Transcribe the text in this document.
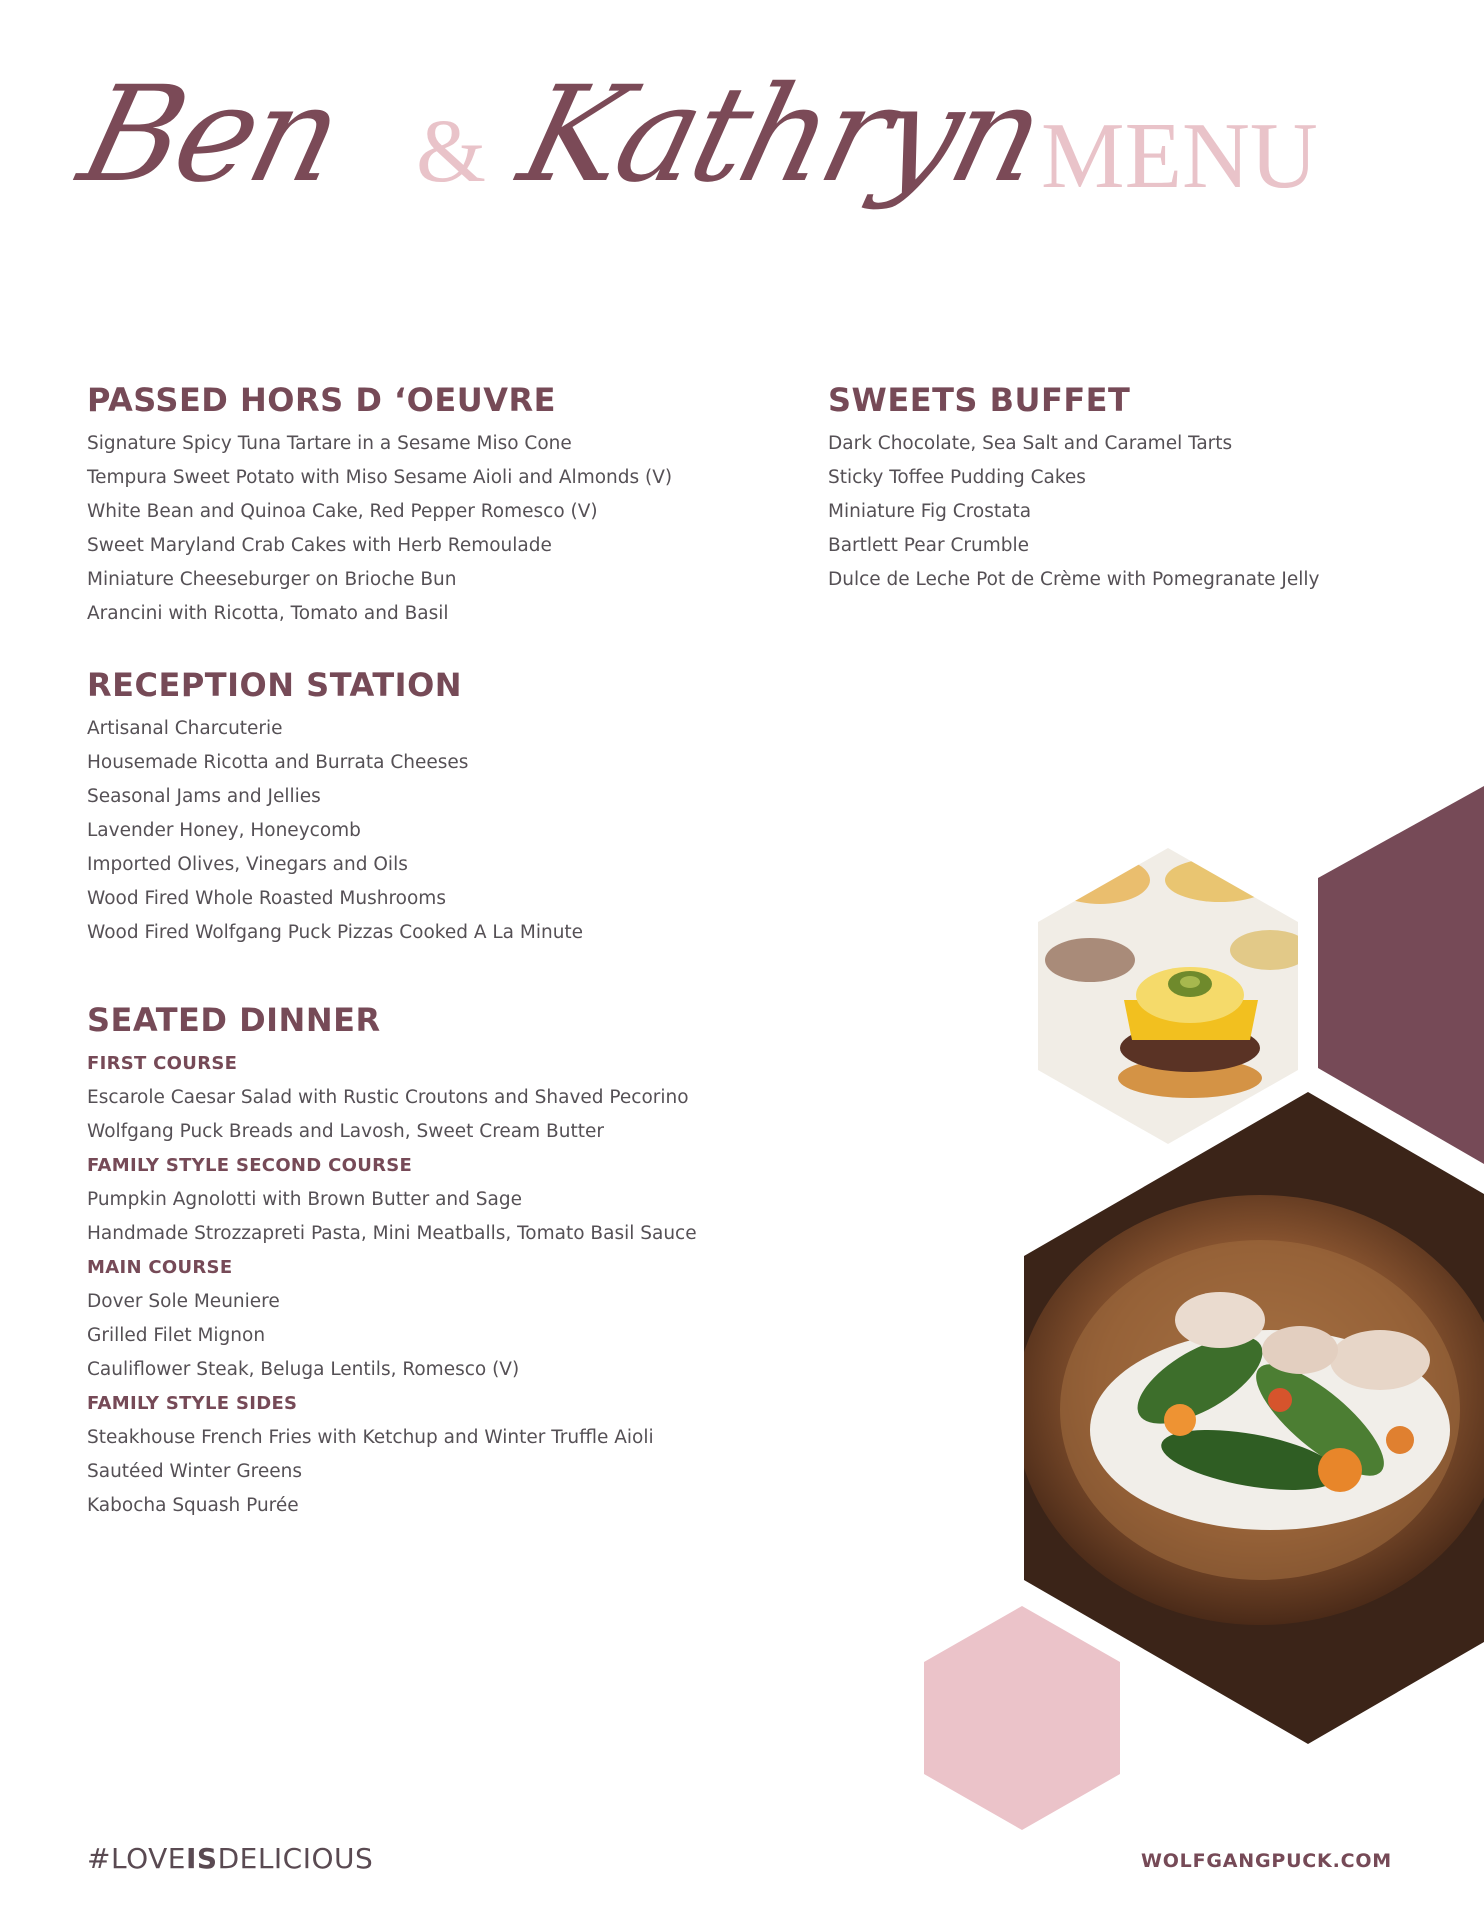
Ben & Kathryn
MENU
PASSED HORS D ‘OEUVRE
Signature Spicy Tuna Tartare in a Sesame Miso Cone
Tempura Sweet Potato with Miso Sesame Aioli and Almonds (V)
White Bean and Quinoa Cake, Red Pepper Romesco (V)
Sweet Maryland Crab Cakes with Herb Remoulade
Miniature Cheeseburger on Brioche Bun
Arancini with Ricotta, Tomato and Basil
RECEPTION STATION
Artisanal Charcuterie
Housemade Ricotta and Burrata Cheeses
Seasonal Jams and Jellies
Lavender Honey, Honeycomb
Imported Olives, Vinegars and Oils
Wood Fired Whole Roasted Mushrooms
Wood Fired Wolfgang Puck Pizzas Cooked A La Minute
SEATED DINNER
FIRST COURSE
Escarole Caesar Salad with Rustic Croutons and Shaved Pecorino
Wolfgang Puck Breads and Lavosh, Sweet Cream Butter
FAMILY STYLE SECOND COURSE
Pumpkin Agnolotti with Brown Butter and Sage
Handmade Strozzapreti Pasta, Mini Meatballs, Tomato Basil Sauce
MAIN COURSE
Dover Sole Meuniere
Grilled Filet Mignon
Cauliflower Steak, Beluga Lentils, Romesco (V)
FAMILY STYLE SIDES
Steakhouse French Fries with Ketchup and Winter Truffle Aioli
Sautéed Winter Greens
Kabocha Squash Purée
SWEETS BUFFET
Dark Chocolate, Sea Salt and Caramel Tarts
Sticky Toffee Pudding Cakes
Miniature Fig Crostata
Bartlett Pear Crumble
Dulce de Leche Pot de Crème with Pomegranate Jelly
#LOVEISDELICIOUS	WOLFGANGPUCK.COM
